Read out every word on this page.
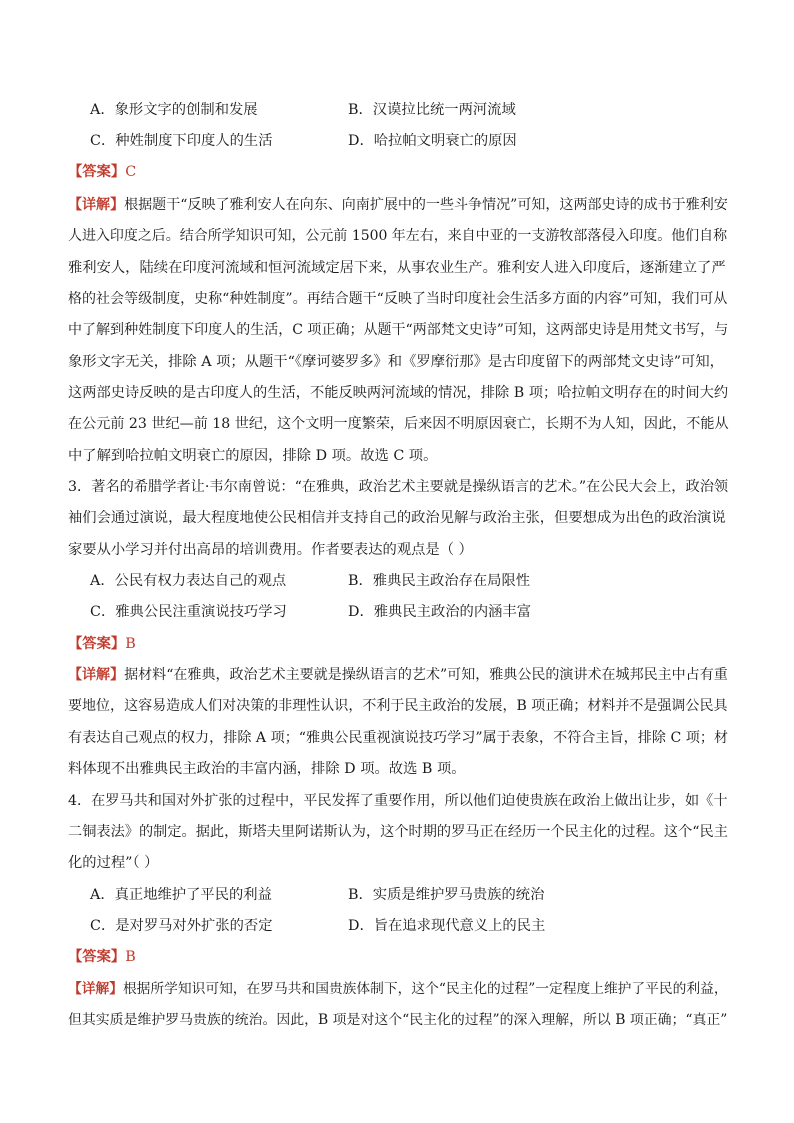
A．象形文字的创制和发展	B．汉谟拉比统一两河流域
C．种姓制度下印度人的生活	D．哈拉帕文明衰亡的原因
【答案】C
【详解】根据题干“反映了雅利安人在向东、向南扩展中的一些斗争情况”可知，这两部史诗的成书于雅利安
人进入印度之后。结合所学知识可知，公元前 1500 年左右，来自中亚的一支游牧部落侵入印度。他们自称
雅利安人，陆续在印度河流域和恒河流域定居下来，从事农业生产。雅利安人进入印度后，逐渐建立了严
格的社会等级制度，史称“种姓制度”。再结合题干“反映了当时印度社会生活多方面的内容”可知，我们可从
中了解到种姓制度下印度人的生活，C 项正确；从题干“两部梵文史诗”可知，这两部史诗是用梵文书写，与
象形文字无关，排除 A 项；从题干“《摩诃婆罗多》和《罗摩衍那》是古印度留下的两部梵文史诗”可知，
这两部史诗反映的是古印度人的生活，不能反映两河流域的情况，排除 B 项；哈拉帕文明存在的时间大约
在公元前 23 世纪—前 18 世纪，这个文明一度繁荣，后来因不明原因衰亡，长期不为人知，因此，不能从
中了解到哈拉帕文明衰亡的原因，排除 D 项。故选 C 项。
3．著名的希腊学者让·韦尔南曾说：“在雅典，政治艺术主要就是操纵语言的艺术。”在公民大会上，政治领
袖们会通过演说，最大程度地使公民相信并支持自己的政治见解与政治主张，但要想成为出色的政治演说
家要从小学习并付出高昂的培训费用。作者要表达的观点是（ ）
A．公民有权力表达自己的观点	B．雅典民主政治存在局限性
C．雅典公民注重演说技巧学习	D．雅典民主政治的内涵丰富
【答案】B
【详解】据材料“在雅典，政治艺术主要就是操纵语言的艺术”可知，雅典公民的演讲术在城邦民主中占有重
要地位，这容易造成人们对决策的非理性认识，不利于民主政治的发展，B 项正确；材料并不是强调公民具
有表达自己观点的权力，排除 A 项；“雅典公民重视演说技巧学习”属于表象，不符合主旨，排除 C 项；材
料体现不出雅典民主政治的丰富内涵，排除 D 项。故选 B 项。
4．在罗马共和国对外扩张的过程中，平民发挥了重要作用，所以他们迫使贵族在政治上做出让步，如《十
二铜表法》的制定。据此，斯塔夫里阿诺斯认为，这个时期的罗马正在经历一个民主化的过程。这个“民主
化的过程”（ ）
A．真正地维护了平民的利益	B．实质是维护罗马贵族的统治
C．是对罗马对外扩张的否定	D．旨在追求现代意义上的民主
【答案】B
【详解】根据所学知识可知，在罗马共和国贵族体制下，这个“民主化的过程”一定程度上维护了平民的利益，
但其实质是维护罗马贵族的统治。因此，B 项是对这个“民主化的过程”的深入理解，所以 B 项正确；“真正”
